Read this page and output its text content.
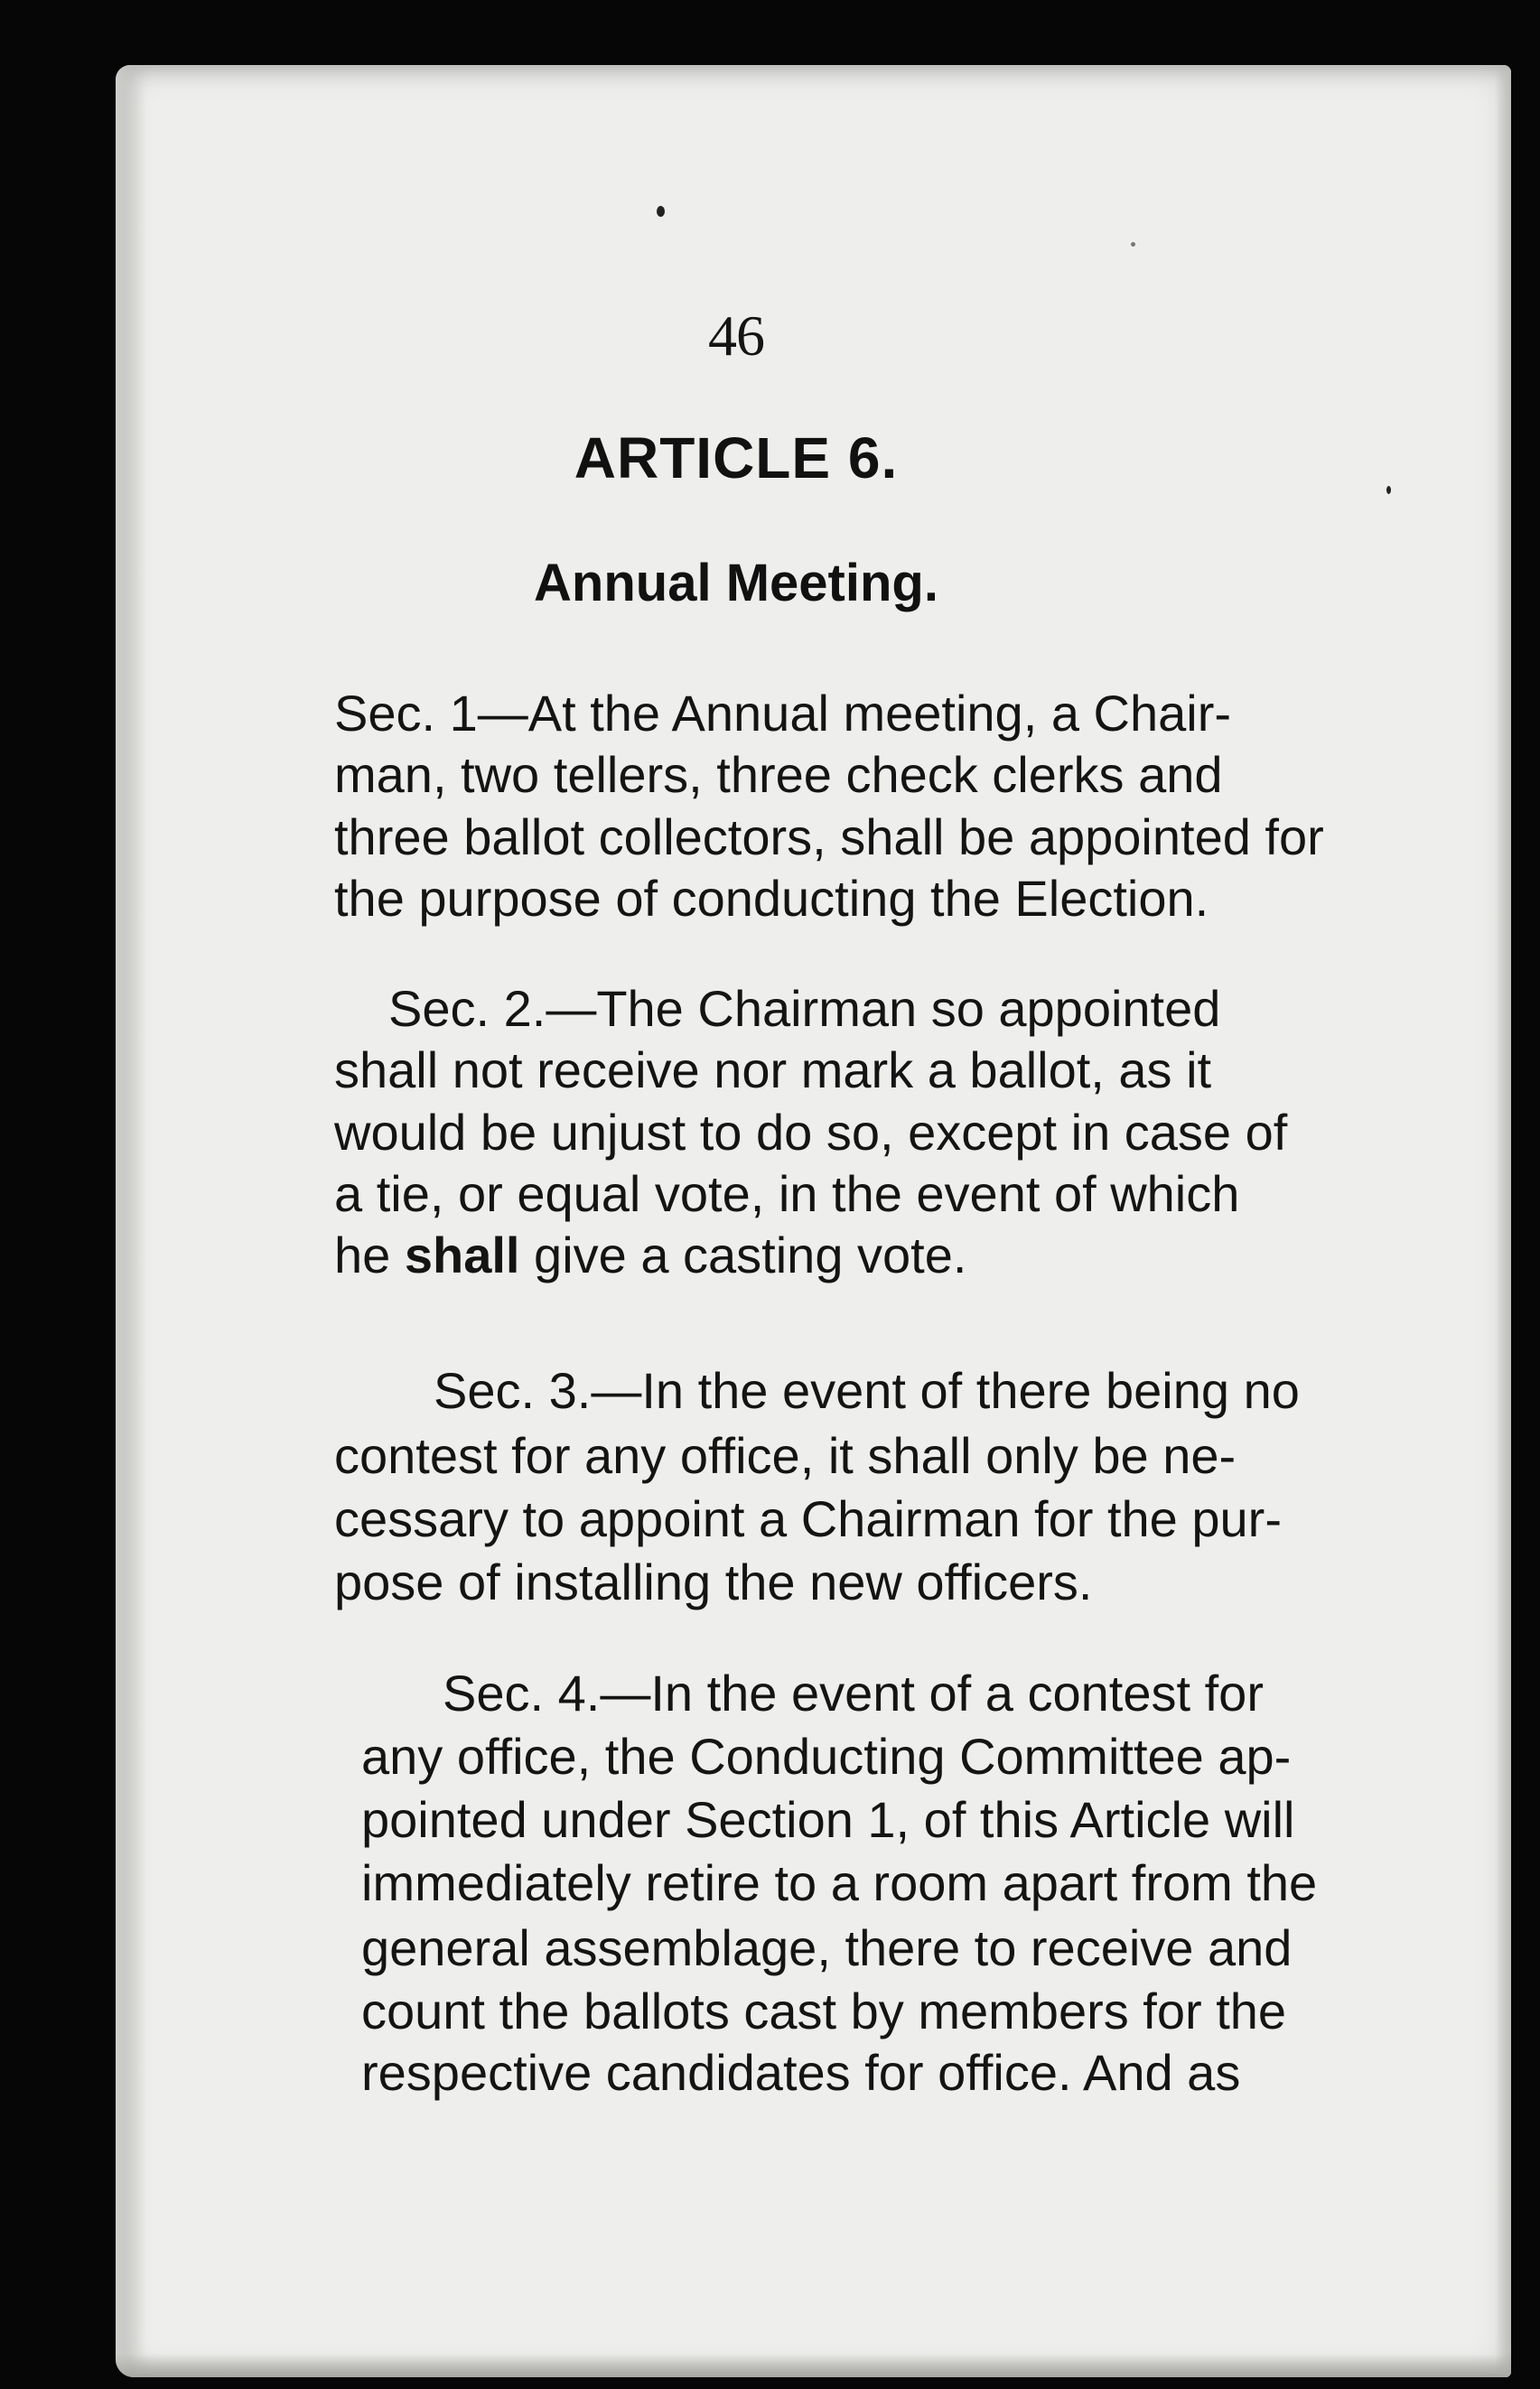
46
ARTICLE 6.
Annual Meeting.
Sec. 1—At the Annual meeting, a Chair-
man, two tellers, three check clerks and
three ballot collectors, shall be appointed for
the purpose of conducting the Election.
Sec. 2.—The Chairman so appointed
shall not receive nor mark a ballot, as it
would be unjust to do so, except in case of
a tie, or equal vote, in the event of which
he shall give a casting vote.
Sec. 3.—In the event of there being no
contest for any office, it shall only be ne-
cessary to appoint a Chairman for the pur-
pose of installing the new officers.
Sec. 4.—In the event of a contest for
any office, the Conducting Committee ap-
pointed under Section 1, of this Article will
immediately retire to a room apart from the
general assemblage, there to receive and
count the ballots cast by members for the
respective candidates for office. And as
